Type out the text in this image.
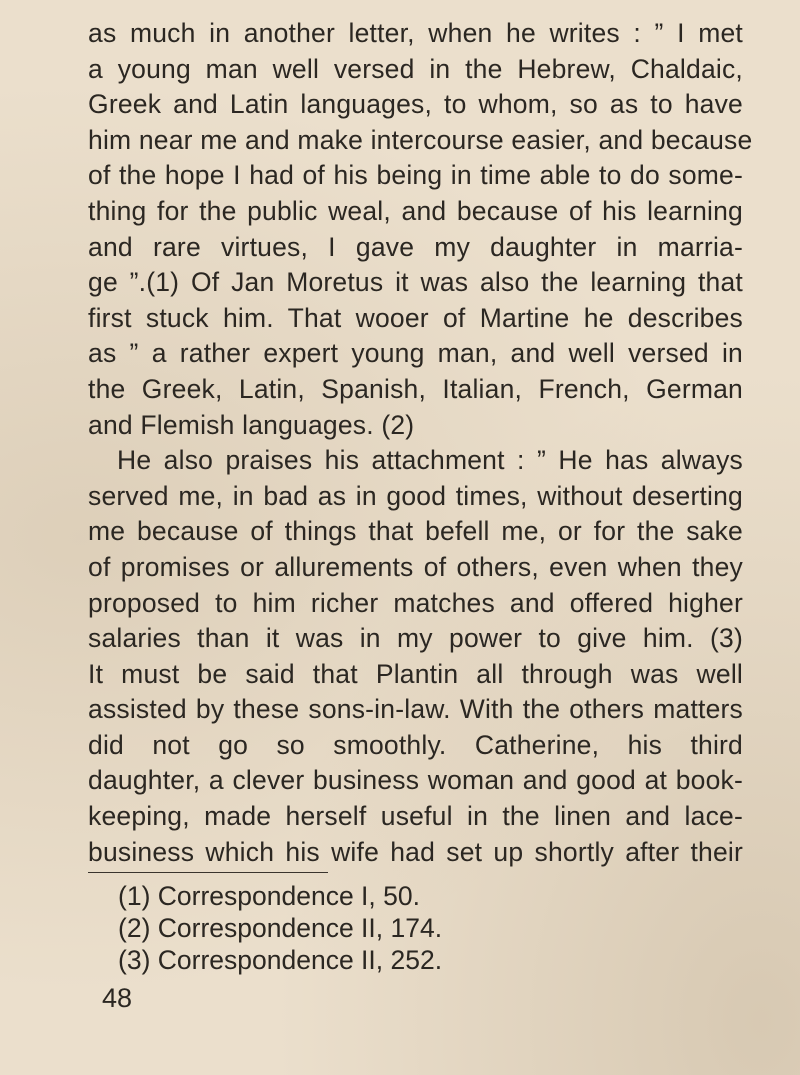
as much in another letter, when he writes : ” I met
a young man well versed in the Hebrew, Chaldaic,
Greek and Latin languages, to whom, so as to have
him near me and make intercourse easier, and because
of the hope I had of his being in time able to do some-
thing for the public weal, and because of his learning
and rare virtues, I gave my daughter in marria-
ge ”.(1) Of Jan Moretus it was also the learning that
first stuck him. That wooer of Martine he describes
as ” a rather expert young man, and well versed in
the Greek, Latin, Spanish, Italian, French, German
and Flemish languages. (2)
He also praises his attachment : ” He has always
served me, in bad as in good times, without deserting
me because of things that befell me, or for the sake
of promises or allurements of others, even when they
proposed to him richer matches and offered higher
salaries than it was in my power to give him. (3)
It must be said that Plantin all through was well
assisted by these sons-in-law. With the others matters
did not go so smoothly. Catherine, his third
daughter, a clever business woman and good at book-
keeping, made herself useful in the linen and lace-
business which his wife had set up shortly after their
(1) Correspondence I, 50.
(2) Correspondence II, 174.
(3) Correspondence II, 252.
48
